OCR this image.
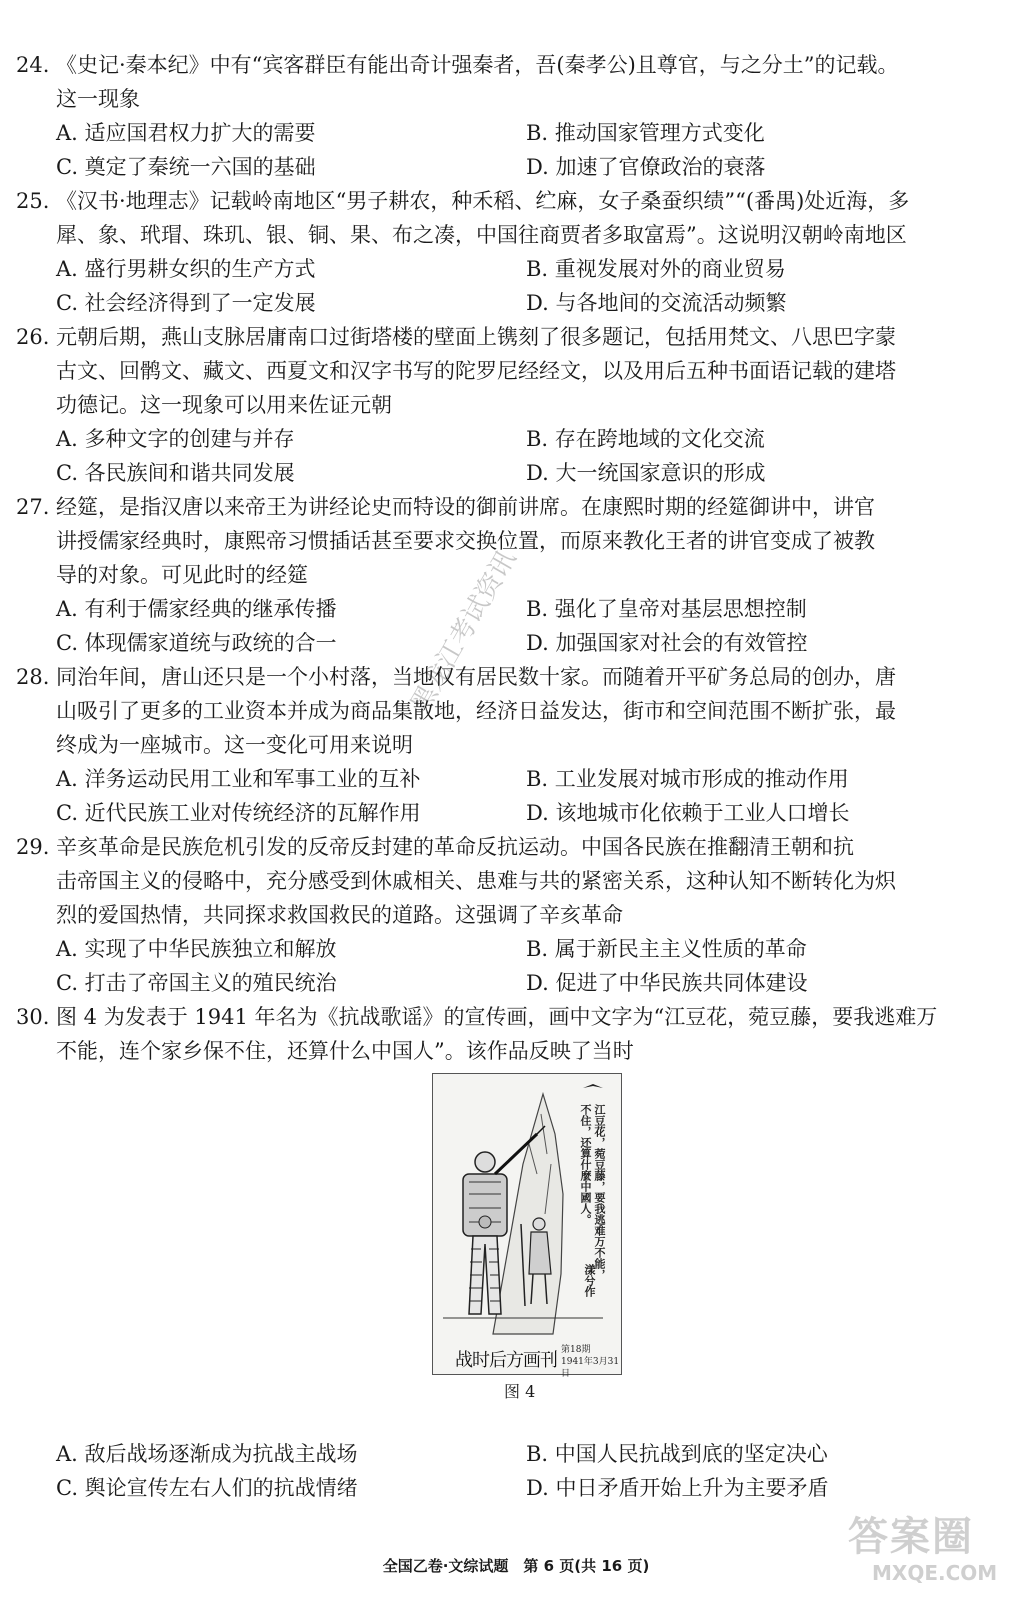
24. 《史记·秦本纪》中有“宾客群臣有能出奇计强秦者，吾(秦孝公)且尊官，与之分土”的记载。

这一现象
A. 适应国君权力扩大的需要	B. 推动国家管理方式变化
C. 奠定了秦统一六国的基础	D. 加速了官僚政治的衰落

25. 《汉书·地理志》记载岭南地区“男子耕农，种禾稻、纻麻，女子桑蚕织绩”“(番禺)处近海，多

犀、象、玳瑁、珠玑、银、铜、果、布之凑，中国往商贾者多取富焉”。这说明汉朝岭南地区
A. 盛行男耕女织的生产方式	B. 重视发展对外的商业贸易
C. 社会经济得到了一定发展	D. 与各地间的交流活动频繁

26. 元朝后期，燕山支脉居庸南口过街塔楼的壁面上镌刻了很多题记，包括用梵文、八思巴字蒙

古文、回鹘文、藏文、西夏文和汉字书写的陀罗尼经经文，以及用后五种书面语记载的建塔
功德记。这一现象可以用来佐证元朝
A. 多种文字的创建与并存	B. 存在跨地域的文化交流
C. 各民族间和谐共同发展	D. 大一统国家意识的形成

27. 经筵，是指汉唐以来帝王为讲经论史而特设的御前讲席。在康熙时期的经筵御讲中，讲官

讲授儒家经典时，康熙帝习惯插话甚至要求交换位置，而原来教化王者的讲官变成了被教
导的对象。可见此时的经筵
A. 有利于儒家经典的继承传播	B. 强化了皇帝对基层思想控制
C. 体现儒家道统与政统的合一	D. 加强国家对社会的有效管控

28. 同治年间，唐山还只是一个小村落，当地仅有居民数十家。而随着开平矿务总局的创办，唐

山吸引了更多的工业资本并成为商品集散地，经济日益发达，街市和空间范围不断扩张，最
终成为一座城市。这一变化可用来说明
A. 洋务运动民用工业和军事工业的互补	B. 工业发展对城市形成的推动作用
C. 近代民族工业对传统经济的瓦解作用	D. 该地城市化依赖于工业人口增长

29. 辛亥革命是民族危机引发的反帝反封建的革命反抗运动。中国各民族在推翻清王朝和抗

击帝国主义的侵略中，充分感受到休戚相关、患难与共的紧密关系，这种认知不断转化为炽
烈的爱国热情，共同探求救国救民的道路。这强调了辛亥革命
A. 实现了中华民族独立和解放	B. 属于新民主主义性质的革命
C. 打击了帝国主义的殖民统治	D. 促进了中华民族共同体建设

30. 图 4 为发表于 1941 年名为《抗战歌谣》的宣传画，画中文字为“江豆花，菀豆藤，要我逃难万

不能，连个家乡保不住，还算什么中国人”。该作品反映了当时
江豆花，菀豆藤，要我逃难万不能，
不住，还算什麼中國人。
漾兮作
战时后方画刊 第18期
1941年3月31日
图 4
A. 敌后战场逐渐成为抗战主战场	B. 中国人民抗战到底的坚定决心
C. 舆论宣传左右人们的抗战情绪	D. 中日矛盾开始上升为主要矛盾
黑龙江考试资讯
答案圈
MXQE.COM
全国乙卷·文综试题　第 6 页(共 16 页)
